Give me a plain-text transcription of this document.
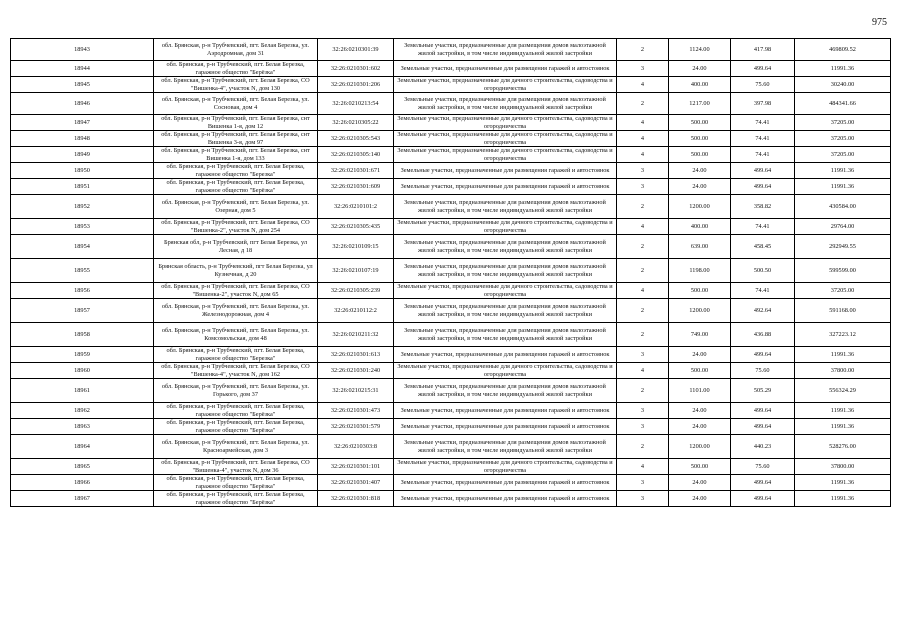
975
18943	обл. Брянская, р-н Трубчевский, пгт. Белая Березка, ул. Аэродромная, дом 31	32:26:0210301:39	Земельные участки, предназначенные для размещения домов малоэтажной жилой застройки, в том числе индивидуальной жилой застройки	2	1124.00	417.98	469809.52
18944	обл. Брянская, р-н Трубчевский, пгт. Белая Березка, гаражное общество "Берёзка"	32:26:0210301:602	Земельные участки, предназначенные для размещения гаражей и автостоянок	3	24.00	499.64	11991.36
18945	обл. Брянская, р-н Трубчевский, пгт. Белая Березка, СО "Вишенка-4", участок N, дом 130	32:26:0210301:206	Земельные участки, предназначенные для дачного строительства, садоводства и огородничества	4	400.00	75.60	30240.00
18946	обл. Брянская, р-н Трубчевский, пгт. Белая Березка, ул. Сосновая, дом 4	32:26:0210213:54	Земельные участки, предназначенные для размещения домов малоэтажной жилой застройки, в том числе индивидуальной жилой застройки	2	1217.00	397.98	484341.66
18947	обл. Брянская, р-н Трубчевский, пгт. Белая Березка, снт Вишенка 1-я, дом 12	32:26:0210305:22	Земельные участки, предназначенные для дачного строительства, садоводства и огородничества	4	500.00	74.41	37205.00
18948	обл. Брянская, р-н Трубчевский, пгт. Белая Березка, снт Вишенка 3-я, дом 97	32:26:0210305:543	Земельные участки, предназначенные для дачного строительства, садоводства и огородничества	4	500.00	74.41	37205.00
18949	обл. Брянская, р-н Трубчевский, пгт. Белая Березка, снт Вишенка 1-я, дом 133	32:26:0210305:140	Земельные участки, предназначенные для дачного строительства, садоводства и огородничества	4	500.00	74.41	37205.00
18950	обл. Брянская, р-н Трубчевский, пгт. Белая Березка, гаражное общество "Березка"	32:26:0210301:671	Земельные участки, предназначенные для размещения гаражей и автостоянок	3	24.00	499.64	11991.36
18951	обл. Брянская, р-н Трубчевский, пгт. Белая Березка, гаражное общество "Берёзка"	32:26:0210301:609	Земельные участки, предназначенные для размещения гаражей и автостоянок	3	24.00	499.64	11991.36
18952	обл. Брянская, р-н Трубчевский, пгт. Белая Березка, ул. Озерная, дом 5	32:26:0210101:2	Земельные участки, предназначенные для размещения домов малоэтажной жилой застройки, в том числе индивидуальной жилой застройки	2	1200.00	358.82	430584.00
18953	обл. Брянская, р-н Трубчевский, пгт. Белая Березка, СО "Вишенка-2", участок N, дом 254	32:26:0210305:435	Земельные участки, предназначенные для дачного строительства, садоводства и огородничества	4	400.00	74.41	29764.00
18954	Брянская обл, р-н Трубчевский, пгт Белая Березка, ул Лесная, д 18	32:26:0210109:15	Земельные участки, предназначенные для размещения домов малоэтажной жилой застройки, в том числе индивидуальной жилой застройки	2	639.00	458.45	292949.55
18955	Брянская область, р-н Трубчевский, пгт Белая Березка, ул Кузнечная, д 20	32:26:0210107:19	Земельные участки, предназначенные для размещения домов малоэтажной жилой застройки, в том числе индивидуальной жилой застройки	2	1198.00	500.50	599599.00
18956	обл. Брянская, р-н Трубчевский, пгт. Белая Березка, СО "Вишенка-2", участок N, дом 65	32:26:0210305:239	Земельные участки, предназначенные для дачного строительства, садоводства и огородничества	4	500.00	74.41	37205.00
18957	обл. Брянская, р-н Трубчевский, пгт. Белая Березка, ул. Железнодорожная, дом 4	32:26:0210112:2	Земельные участки, предназначенные для размещения домов малоэтажной жилой застройки, в том числе индивидуальной жилой застройки	2	1200.00	492.64	591168.00
18958	обл. Брянская, р-н Трубчевский, пгт. Белая Березка, ул. Комсомольская, дом 48	32:26:0210211:32	Земельные участки, предназначенные для размещения домов малоэтажной жилой застройки, в том числе индивидуальной жилой застройки	2	749.00	436.88	327223.12
18959	обл. Брянская, р-н Трубчевский, пгт. Белая Березка, гаражное общество "Березка"	32:26:0210301:613	Земельные участки, предназначенные для размещения гаражей и автостоянок	3	24.00	499.64	11991.36
18960	обл. Брянская, р-н Трубчевский, пгт. Белая Березка, СО "Вишенка-4", участок N, дом 162	32:26:0210301:240	Земельные участки, предназначенные для дачного строительства, садоводства и огородничества	4	500.00	75.60	37800.00
18961	обл. Брянская, р-н Трубчевский, пгт. Белая Березка, ул. Горького, дом 37	32:26:0210215:31	Земельные участки, предназначенные для размещения домов малоэтажной жилой застройки, в том числе индивидуальной жилой застройки	2	1101.00	505.29	556324.29
18962	обл. Брянская, р-н Трубчевский, пгт. Белая Березка, гаражное общество "Берёзка"	32:26:0210301:473	Земельные участки, предназначенные для размещения гаражей и автостоянок	3	24.00	499.64	11991.36
18963	обл. Брянская, р-н Трубчевский, пгт. Белая Березка, гаражное общество "Берёзка"	32:26:0210301:579	Земельные участки, предназначенные для размещения гаражей и автостоянок	3	24.00	499.64	11991.36
18964	обл. Брянская, р-н Трубчевский, пгт. Белая Березка, ул. Красноармейская, дом 3	32:26:0210303:8	Земельные участки, предназначенные для размещения домов малоэтажной жилой застройки, в том числе индивидуальной жилой застройки	2	1200.00	440.23	528276.00
18965	обл. Брянская, р-н Трубчевский, пгт. Белая Березка, СО "Вишенка-4", участок N, дом 36	32:26:0210301:101	Земельные участки, предназначенные для дачного строительства, садоводства и огородничества	4	500.00	75.60	37800.00
18966	обл. Брянская, р-н Трубчевский, пгт. Белая Березка, гаражное общество "Берёзка"	32:26:0210301:407	Земельные участки, предназначенные для размещения гаражей и автостоянок	3	24.00	499.64	11991.36
18967	обл. Брянская, р-н Трубчевский, пгт. Белая Березка, гаражное общество "Берёзка"	32:26:0210301:818	Земельные участки, предназначенные для размещения гаражей и автостоянок	3	24.00	499.64	11991.36
